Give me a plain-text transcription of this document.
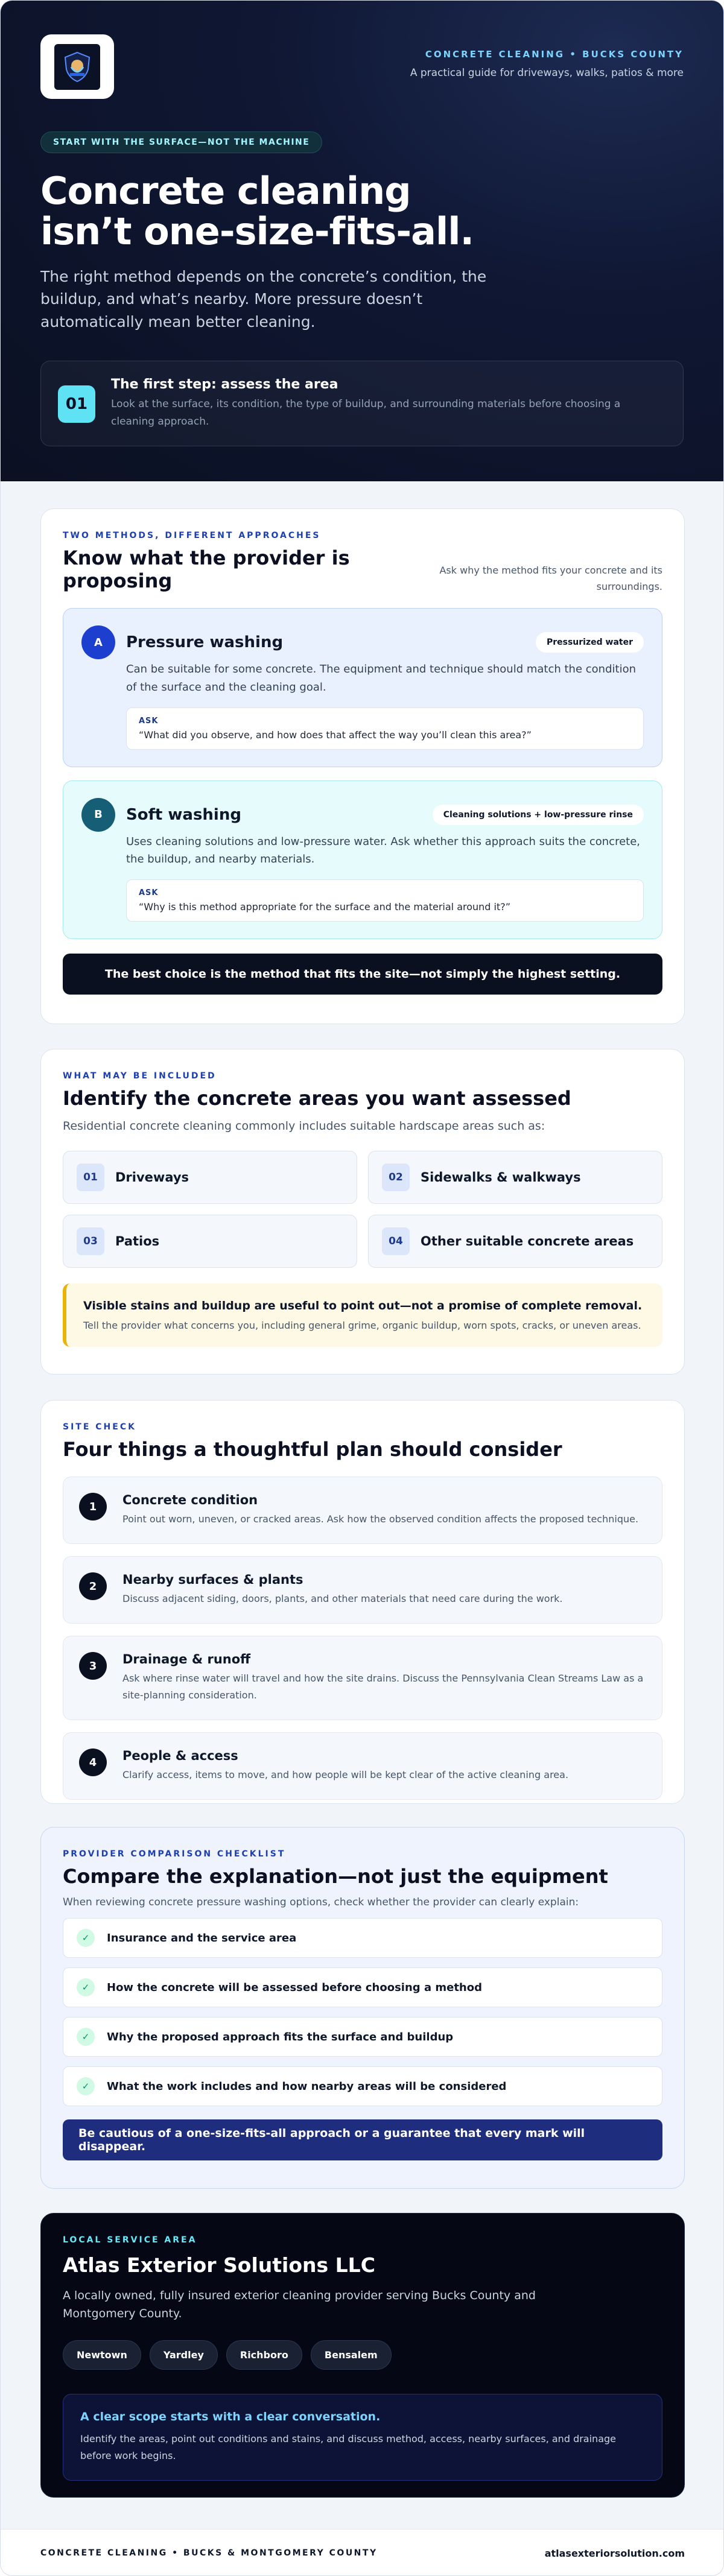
CONCRETE CLEANING • BUCKS COUNTY
A practical guide for driveways, walks, patios & more
START WITH THE SURFACE—NOT THE MACHINE
Concrete cleaning
isn’t one-size-fits-all.

The right method depends on the concrete’s condition, the buildup, and what’s nearby. More pressure doesn’t automatically mean better cleaning.

01
The first step: assess the area
Look at the surface, its condition, the type of buildup, and surrounding materials before choosing a cleaning approach.
TWO METHODS, DIFFERENT APPROACHES
Know what the provider is proposing	Ask why the method fits your concrete and its surroundings.
A	Pressure washing	Pressurized water
Can be suitable for some concrete. The equipment and technique should match the condition of the surface and the cleaning goal.
ASK
“What did you observe, and how does that affect the way you’ll clean this area?”
B	Soft washing	Cleaning solutions + low-pressure rinse
Uses cleaning solutions and low-pressure water. Ask whether this approach suits the concrete, the buildup, and nearby materials.
ASK
“Why is this method appropriate for the surface and the material around it?”
The best choice is the method that fits the site—not simply the highest setting.
WHAT MAY BE INCLUDED
Identify the concrete areas you want assessed

Residential concrete cleaning commonly includes suitable hardscape areas such as:

01	Driveways	02	Sidewalks & walkways
03	Patios	04	Other suitable concrete areas
Visible stains and buildup are useful to point out—not a promise of complete removal.
Tell the provider what concerns you, including general grime, organic buildup, worn spots, cracks, or uneven areas.
SITE CHECK
Four things a thoughtful plan should consider
1	Concrete condition
Point out worn, uneven, or cracked areas. Ask how the observed condition affects the proposed technique.
2	Nearby surfaces & plants
Discuss adjacent siding, doors, plants, and other materials that need care during the work.
3	Drainage & runoff
Ask where rinse water will travel and how the site drains. Discuss the Pennsylvania Clean Streams Law as a site-planning consideration.
4	People & access
Clarify access, items to move, and how people will be kept clear of the active cleaning area.
PROVIDER COMPARISON CHECKLIST
Compare the explanation—not just the equipment

When reviewing concrete pressure washing options, check whether the provider can clearly explain:

✓	Insurance and the service area
✓	How the concrete will be assessed before choosing a method
✓	Why the proposed approach fits the surface and buildup
✓	What the work includes and how nearby areas will be considered
Be cautious of a one-size-fits-all approach or a guarantee that every mark will disappear.
LOCAL SERVICE AREA
Atlas Exterior Solutions LLC

A locally owned, fully insured exterior cleaning provider serving Bucks County and Montgomery County.

Newtown	Yardley	Richboro	Bensalem
A clear scope starts with a clear conversation.
Identify the areas, point out conditions and stains, and discuss method, access, nearby surfaces, and drainage before work begins.
CONCRETE CLEANING • BUCKS & MONTGOMERY COUNTY	atlasexteriorsolution.com
